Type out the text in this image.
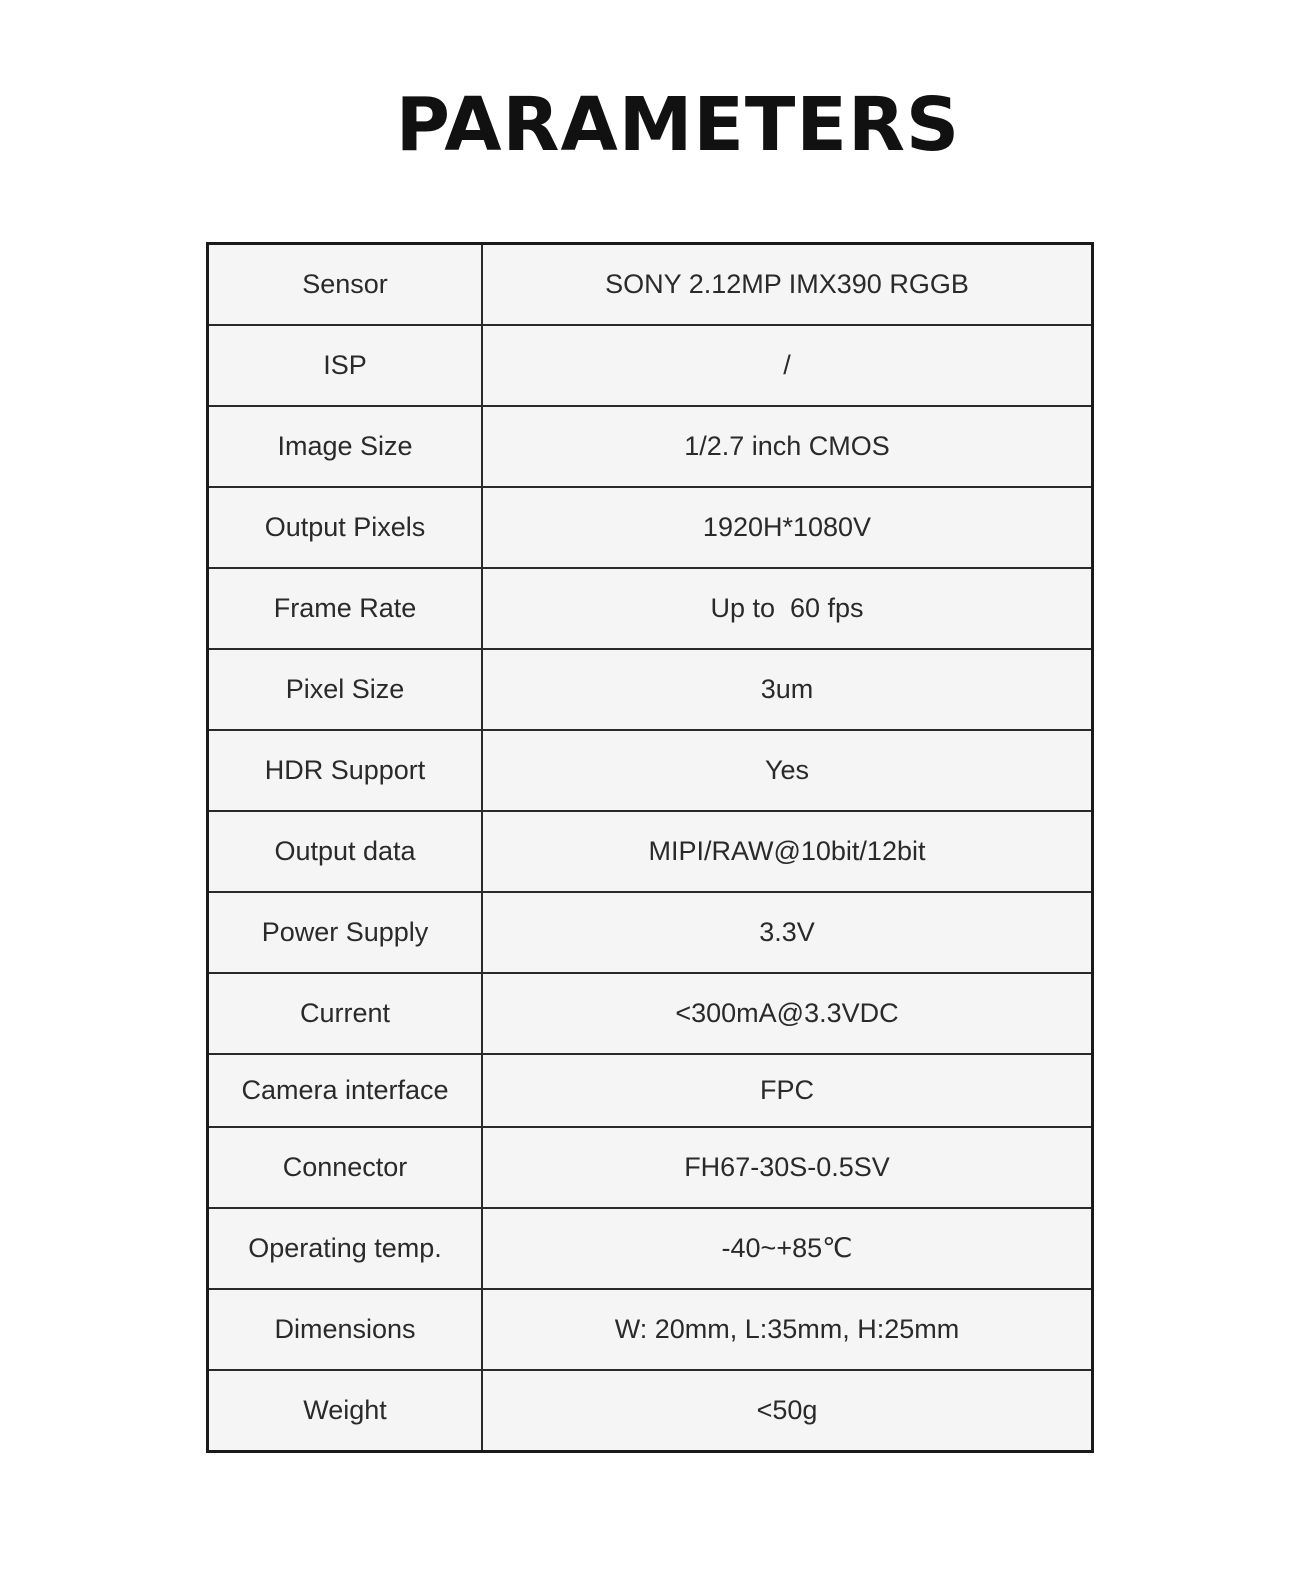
PARAMETERS
Sensor	SONY 2.12MP IMX390 RGGB
ISP	/
Image Size	1/2.7 inch CMOS
Output Pixels	1920H*1080V
Frame Rate	Up to  60 fps
Pixel Size	3um
HDR Support	Yes
Output data	MIPI/RAW@10bit/12bit
Power Supply	3.3V
Current	<300mA@3.3VDC
Camera interface	FPC
Connector	FH67-30S-0.5SV
Operating temp.	-40~+85℃
Dimensions	W: 20mm, L:35mm, H:25mm
Weight	<50g
